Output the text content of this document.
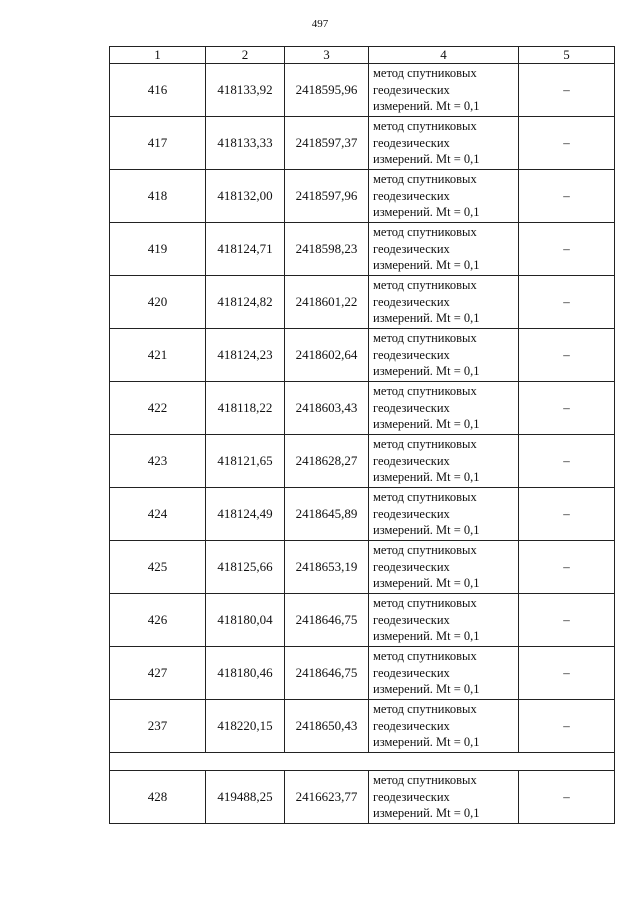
497
1	2	3	4	5
416	418133,92	2418595,96	метод спутниковых
геодезических
измерений. Mt = 0,1	–
417	418133,33	2418597,37	метод спутниковых
геодезических
измерений. Mt = 0,1	–
418	418132,00	2418597,96	метод спутниковых
геодезических
измерений. Mt = 0,1	–
419	418124,71	2418598,23	метод спутниковых
геодезических
измерений. Mt = 0,1	–
420	418124,82	2418601,22	метод спутниковых
геодезических
измерений. Mt = 0,1	–
421	418124,23	2418602,64	метод спутниковых
геодезических
измерений. Mt = 0,1	–
422	418118,22	2418603,43	метод спутниковых
геодезических
измерений. Mt = 0,1	–
423	418121,65	2418628,27	метод спутниковых
геодезических
измерений. Mt = 0,1	–
424	418124,49	2418645,89	метод спутниковых
геодезических
измерений. Mt = 0,1	–
425	418125,66	2418653,19	метод спутниковых
геодезических
измерений. Mt = 0,1	–
426	418180,04	2418646,75	метод спутниковых
геодезических
измерений. Mt = 0,1	–
427	418180,46	2418646,75	метод спутниковых
геодезических
измерений. Mt = 0,1	–
237	418220,15	2418650,43	метод спутниковых
геодезических
измерений. Mt = 0,1	–

428	419488,25	2416623,77	метод спутниковых
геодезических
измерений. Mt = 0,1	–
